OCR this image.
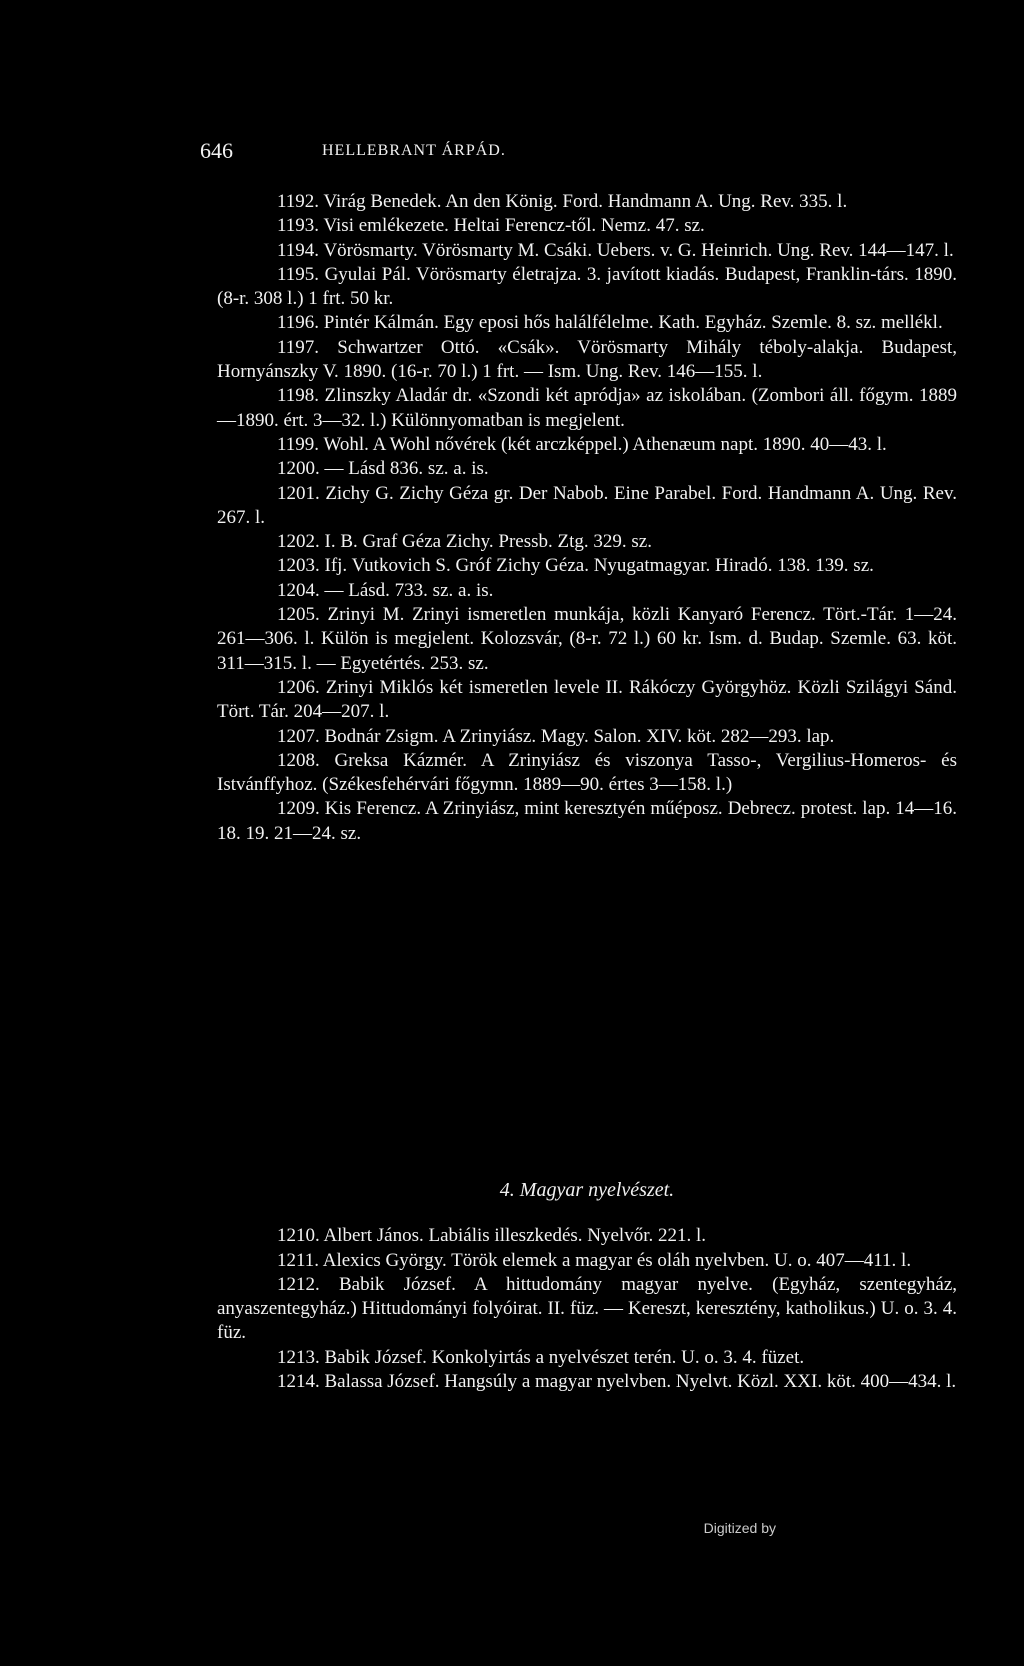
646	HELLEBRANT ÁRPÁD.

1192. Virág Benedek. An den König. Ford. Handmann A. Ung. Rev. 335. l.

1193. Visi emlékezete. Heltai Ferencz-től. Nemz. 47. sz.

1194. Vörösmarty. Vörösmarty M. Csáki. Uebers. v. G. Heinrich. Ung. Rev. 144—147. l.

1195. Gyulai Pál. Vörösmarty életrajza. 3. javított kiadás. Budapest, Franklin-társ. 1890. (8-r. 308 l.) 1 frt. 50 kr.

1196. Pintér Kálmán. Egy eposi hős halálfélelme. Kath. Egyház. Szemle. 8. sz. mellékl.

1197. Schwartzer Ottó. «Csák». Vörösmarty Mihály téboly-alakja. Budapest, Hornyánszky V. 1890. (16-r. 70 l.) 1 frt. — Ism. Ung. Rev. 146—155. l.

1198. Zlinszky Aladár dr. «Szondi két apródja» az iskolában. (Zombori áll. főgym. 1889—1890. ért. 3—32. l.) Különnyomatban is megjelent.

1199. Wohl. A Wohl nővérek (két arczképpel.) Athenæum napt. 1890. 40—43. l.

1200. — Lásd 836. sz. a. is.

1201. Zichy G. Zichy Géza gr. Der Nabob. Eine Parabel. Ford. Handmann A. Ung. Rev. 267. l.

1202. I. B. Graf Géza Zichy. Pressb. Ztg. 329. sz.

1203. Ifj. Vutkovich S. Gróf Zichy Géza. Nyugatmagyar. Hiradó. 138. 139. sz.

1204. — Lásd. 733. sz. a. is.

1205. Zrinyi M. Zrinyi ismeretlen munkája, közli Kanyaró Ferencz. Tört.-Tár. 1—24. 261—306. l. Külön is megjelent. Kolozsvár, (8-r. 72 l.) 60 kr. Ism. d. Budap. Szemle. 63. köt. 311—315. l. — Egyetértés. 253. sz.

1206. Zrinyi Miklós két ismeretlen levele II. Rákóczy Györgyhöz. Közli Szilágyi Sánd. Tört. Tár. 204—207. l.

1207. Bodnár Zsigm. A Zrinyiász. Magy. Salon. XIV. köt. 282—293. lap.

1208. Greksa Kázmér. A Zrinyiász és viszonya Tasso-, Vergilius-Homeros- és Istvánffyhoz. (Székesfehérvári főgymn. 1889—90. értes 3—158. l.)

1209. Kis Ferencz. A Zrinyiász, mint keresztyén műéposz. Debrecz. protest. lap. 14—16. 18. 19. 21—24. sz.

4. Magyar nyelvészet.

1210. Albert János. Labiális illeszkedés. Nyelvőr. 221. l.

1211. Alexics György. Török elemek a magyar és oláh nyelvben. U. o. 407—411. l.

1212. Babik József. A hittudomány magyar nyelve. (Egyház, szentegyház, anyaszentegyház.) Hittudományi folyóirat. II. füz. — Kereszt, keresztény, katholikus.) U. o. 3. 4. füz.

1213. Babik József. Konkolyirtás a nyelvészet terén. U. o. 3. 4. füzet.

1214. Balassa József. Hangsúly a magyar nyelvben. Nyelvt. Közl. XXI. köt. 400—434. l.

Digitized by
